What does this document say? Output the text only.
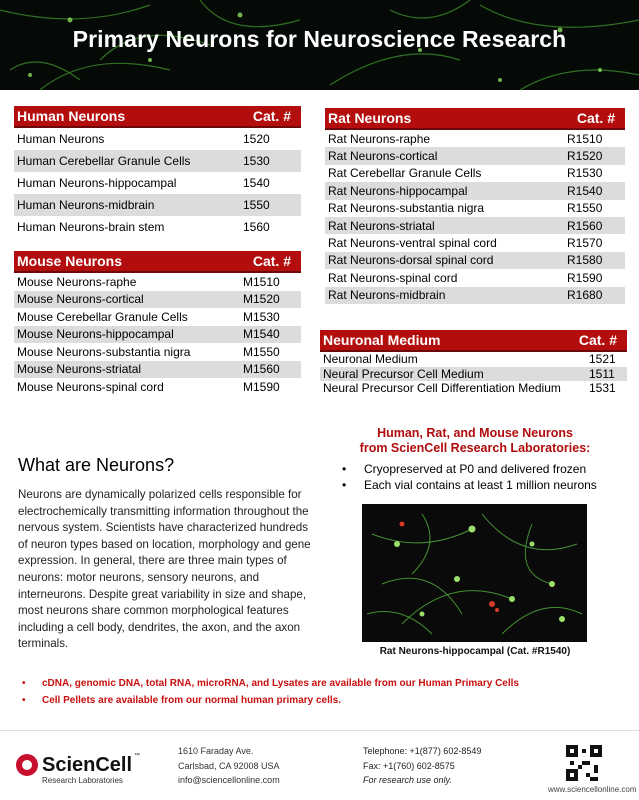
Primary Neurons for Neuroscience Research
Human Neurons	Cat. #
Human Neurons	1520
Human Cerebellar Granule Cells	1530
Human Neurons-hippocampal	1540
Human Neurons-midbrain	1550
Human Neurons-brain stem	1560
Mouse Neurons	Cat. #
Mouse Neurons-raphe	M1510
Mouse Neurons-cortical	M1520
Mouse Cerebellar Granule Cells	M1530
Mouse Neurons-hippocampal	M1540
Mouse Neurons-substantia nigra	M1550
Mouse Neurons-striatal	M1560
Mouse Neurons-spinal cord	M1590
Rat Neurons	Cat. #
Rat Neurons-raphe	R1510
Rat Neurons-cortical	R1520
Rat Cerebellar Granule Cells	R1530
Rat Neurons-hippocampal	R1540
Rat Neurons-substantia nigra	R1550
Rat Neurons-striatal	R1560
Rat Neurons-ventral spinal cord	R1570
Rat Neurons-dorsal spinal cord	R1580
Rat Neurons-spinal cord	R1590
Rat Neurons-midbrain	R1680
Neuronal Medium	Cat. #
Neuronal Medium	1521
Neural Precursor Cell Medium	1511
Neural Precursor Cell Differentiation Medium 1531
What are Neurons?
Neurons are dynamically polarized cells responsible for electrochemically transmitting information throughout the nervous system. Scientists have characterized hundreds of neuron types based on location, morphology and gene expression. In general, there are three main types of neurons: motor neurons, sensory neurons, and interneurons. Despite great variability in size and shape, most neurons share common morphological features including a cell body, dendrites, the axon, and the axon terminals.
Human, Rat, and Mouse Neurons
from ScienCell Research Laboratories:
• Cryopreserved at P0 and delivered frozen
• Each vial contains at least 1 million neurons
Rat Neurons-hippocampal (Cat. #R1540)
• cDNA, genomic DNA, total RNA, microRNA, and Lysates are available from our Human Primary Cells
• Cell Pellets are available from our normal human primary cells.
ScienCell ™
Research Laboratories
1610 Faraday Ave.
Carlsbad, CA 92008 USA
info@sciencellonline.com
Telephone: +1(877) 602-8549
Fax: +1(760) 602-8575
For research use only.
www.sciencellonline.com
